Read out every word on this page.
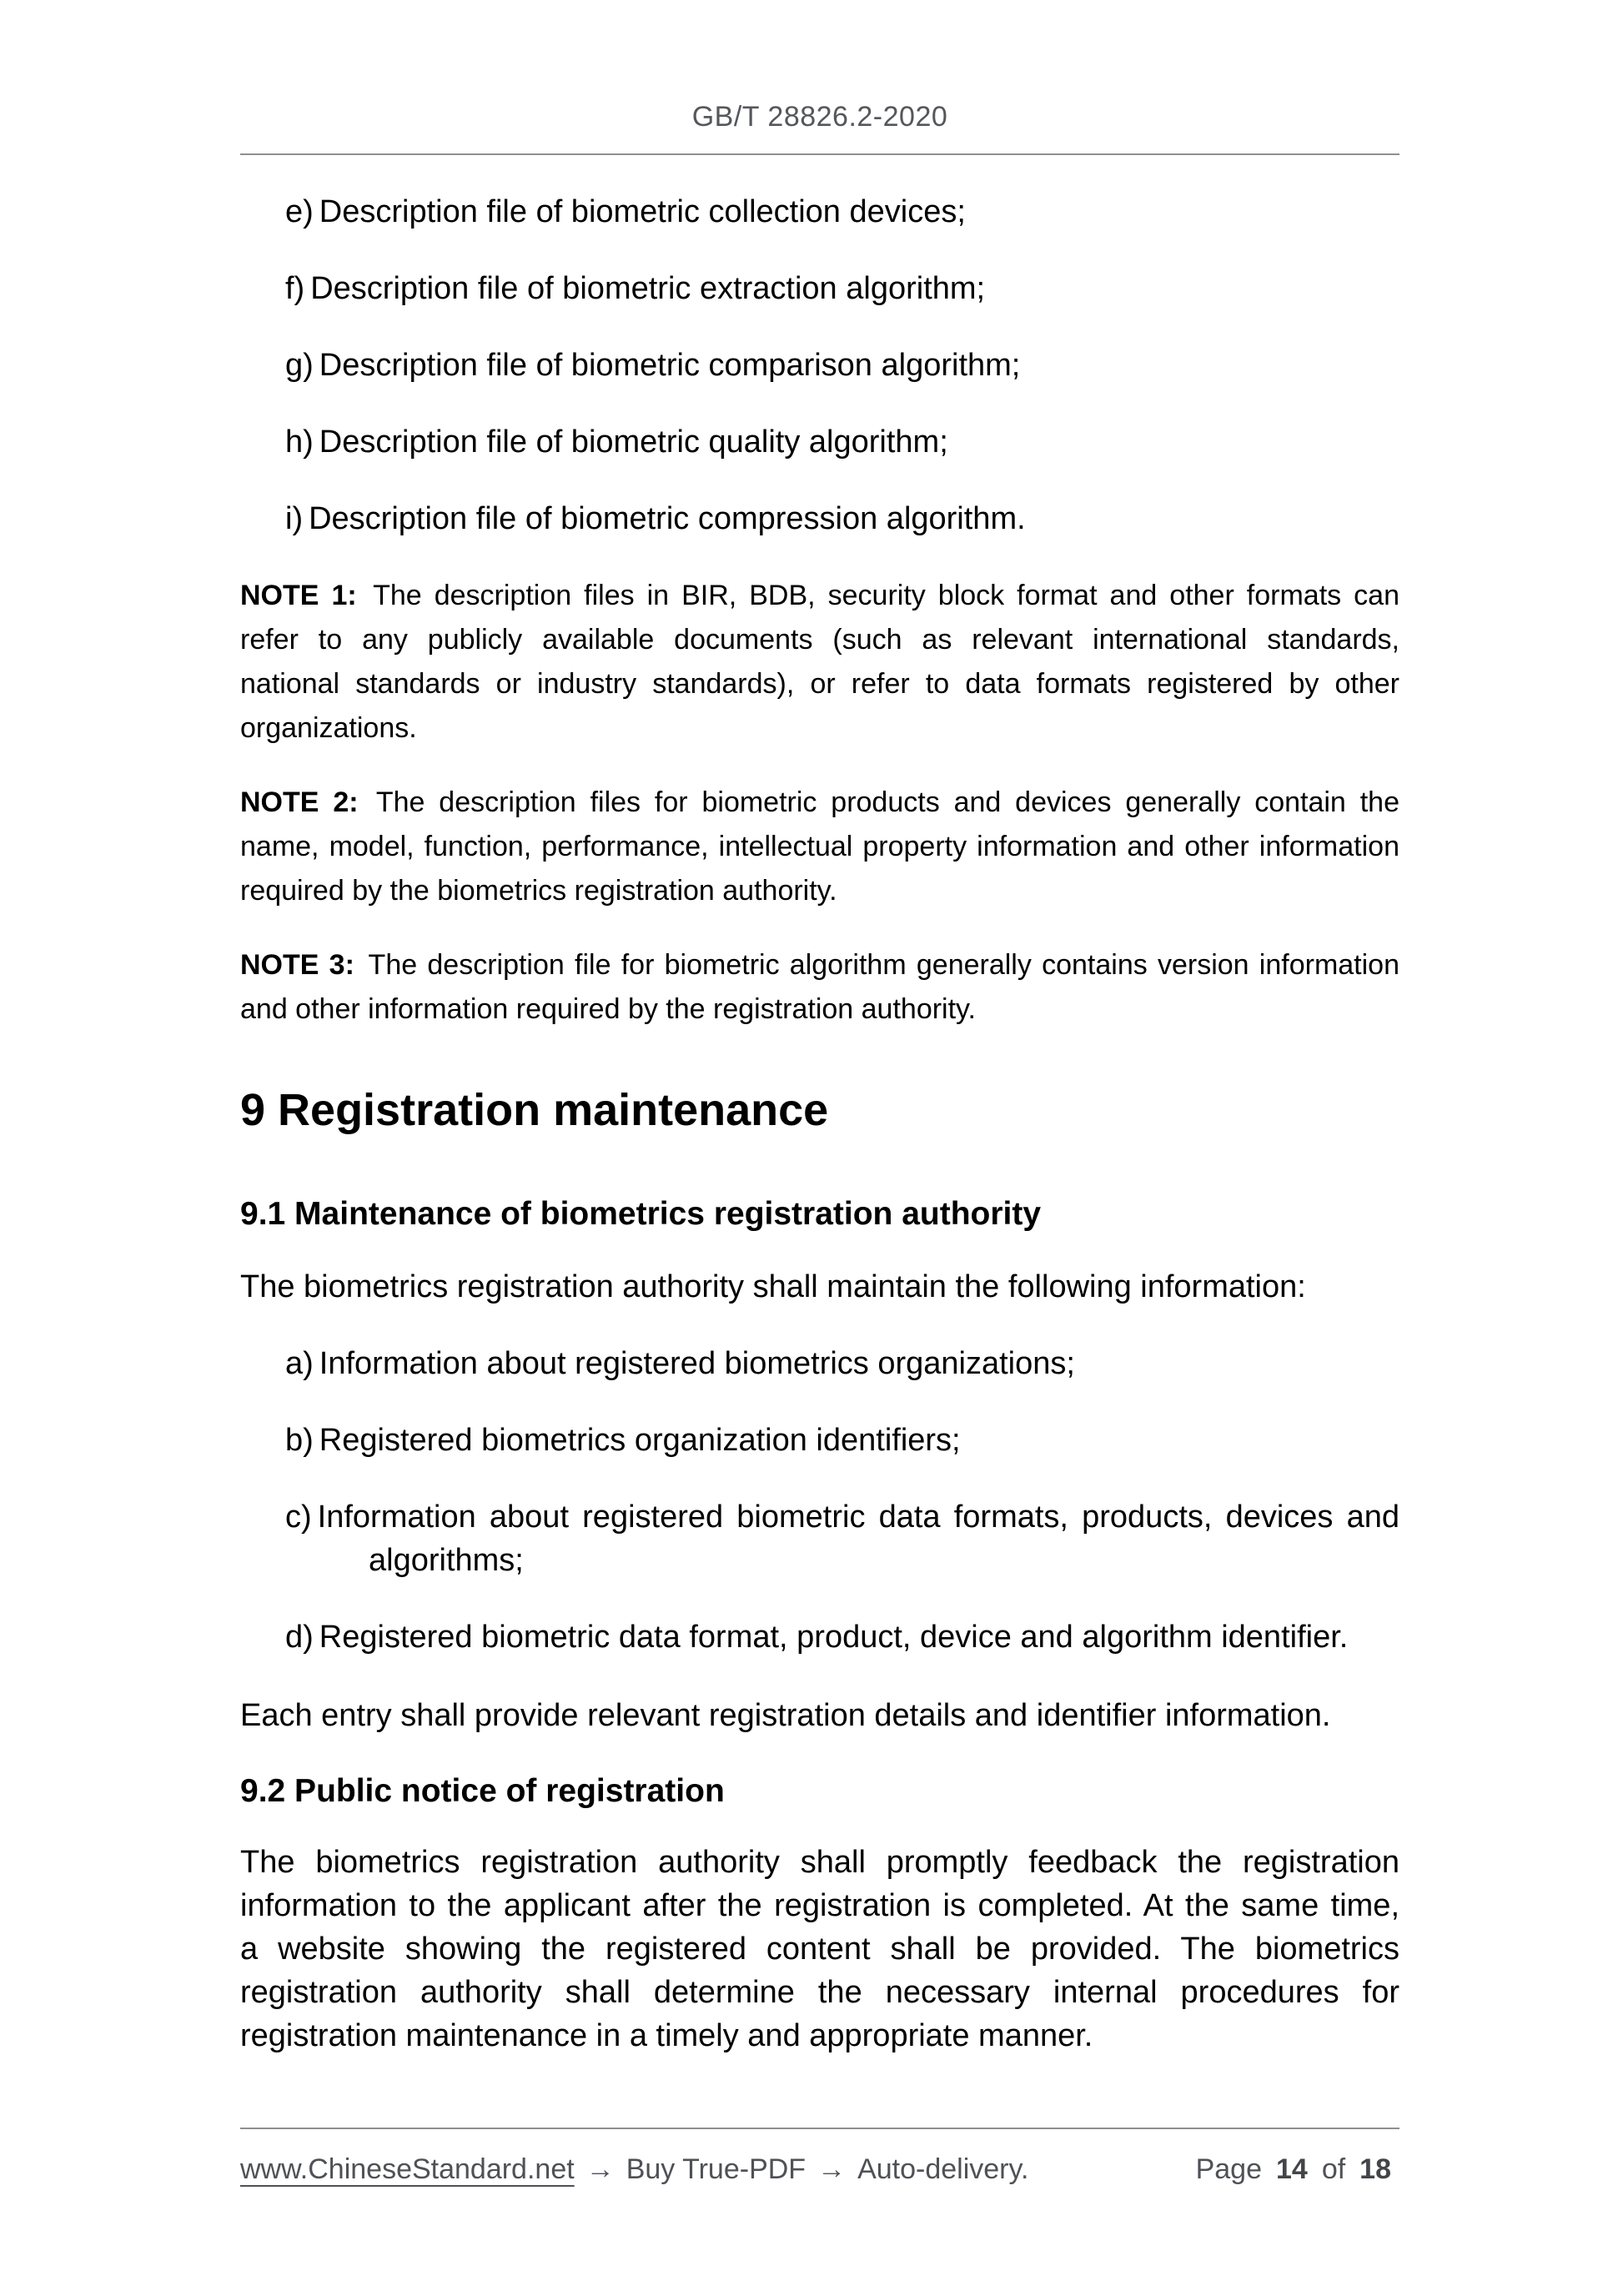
GB/T 28826.2-2020
e) Description file of biometric collection devices;
f) Description file of biometric extraction algorithm;
g) Description file of biometric comparison algorithm;
h) Description file of biometric quality algorithm;
i) Description file of biometric compression algorithm.
NOTE 1: The description files in BIR, BDB, security block format and other formats can
refer to any publicly available documents (such as relevant international standards,
national standards or industry standards), or refer to data formats registered by other
organizations.
NOTE 2: The description files for biometric products and devices generally contain the
name, model, function, performance, intellectual property information and other information
required by the biometrics registration authority.
NOTE 3: The description file for biometric algorithm generally contains version information
and other information required by the registration authority.
9 Registration maintenance
9.1 Maintenance of biometrics registration authority
The biometrics registration authority shall maintain the following information:
a) Information about registered biometrics organizations;
b) Registered biometrics organization identifiers;
c) Information about registered biometric data formats, products, devices and
algorithms;
d) Registered biometric data format, product, device and algorithm identifier.
Each entry shall provide relevant registration details and identifier information.
9.2 Public notice of registration
The biometrics registration authority shall promptly feedback the registration
information to the applicant after the registration is completed. At the same time,
a website showing the registered content shall be provided. The biometrics
registration authority shall determine the necessary internal procedures for
registration maintenance in a timely and appropriate manner.
www.ChineseStandard.net → Buy True-PDF → Auto-delivery.	Page 14 of 18
